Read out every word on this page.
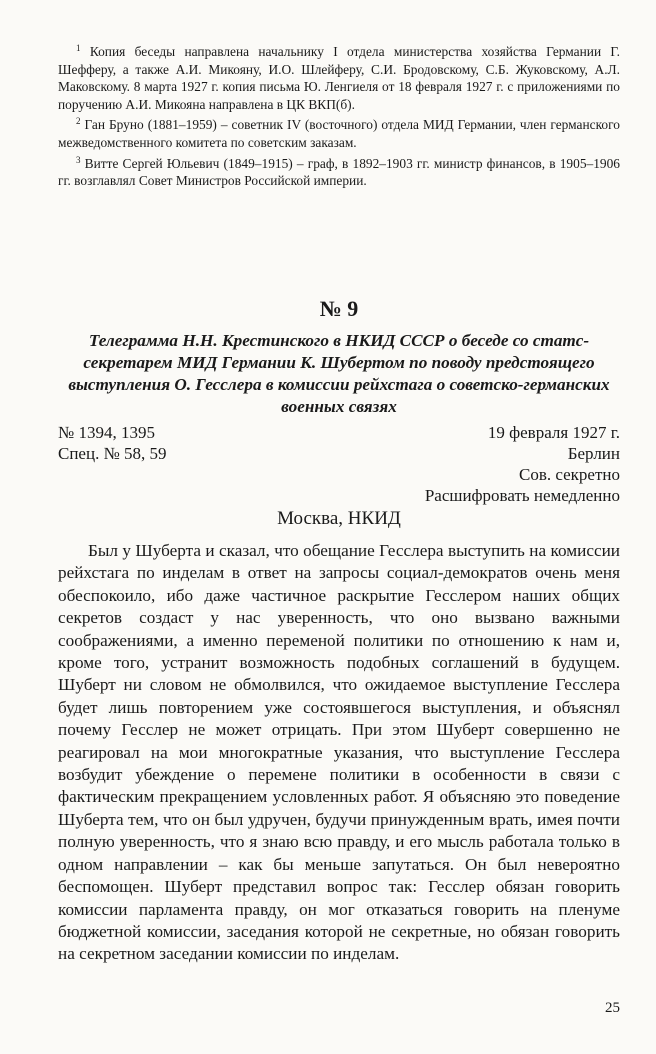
$^1$ Копия беседы направлена начальнику I отдела министерства хозяйства Германии Г. Шефферу, а также А.И. Микояну, И.О. Шлейферу, С.И. Бродовскому, С.Б. Жуковскому, А.Л. Маковскому. 8 марта 1927 г. копия письма Ю. Ленгиеля от 18 февраля 1927 г. с приложениями по поручению А.И. Микояна направлена в ЦК ВКП(б).

$^2$ Ган Бруно (1881–1959) – советник IV (восточного) отдела МИД Германии, член германского межведомственного комитета по советским заказам.

$^3$ Витте Сергей Юльевич (1849–1915) – граф, в 1892–1903 гг. министр финансов, в 1905–1906 гг. возглавлял Совет Министров Российской империи.

№ 9

Телеграмма Н.Н. Крестинского в НКИД СССР о беседе со статс-секретарем МИД Германии К. Шубертом по поводу предстоящего выступления О. Гесслера в комиссии рейхстага о советско-германских военных связях

№ 1394, 1395
Спец. № 58, 59
19 февраля 1927 г.
Берлин
Сов. секретно
Расшифровать немедленно
Москва, НКИД

Был у Шуберта и сказал, что обещание Гесслера выступить на комиссии рейхстага по инделам в ответ на запросы социал-демократов очень меня обеспокоило, ибо даже частичное раскрытие Гесслером наших общих секретов создаст у нас уверенность, что оно вызвано важными соображениями, а именно переменой политики по отношению к нам и, кроме того, устранит возможность подобных соглашений в будущем. Шуберт ни словом не обмолвился, что ожидаемое выступление Гесслера будет лишь повторением уже состоявшегося выступления, и объяснял почему Гесслер не может отрицать. При этом Шуберт совершенно не реагировал на мои многократные указания, что выступление Гесслера возбудит убеждение о перемене политики в особенности в связи с фактическим прекращением условленных работ. Я объясняю это поведение Шуберта тем, что он был удручен, будучи принужденным врать, имея почти полную уверенность, что я знаю всю правду, и его мысль работала только в одном направлении – как бы меньше запутаться. Он был невероятно беспомощен. Шуберт представил вопрос так: Гесслер обязан говорить комиссии парламента правду, он мог отказаться говорить на пленуме бюджетной комиссии, заседания которой не секретные, но обязан говорить на секретном заседании комиссии по инделам.

25
